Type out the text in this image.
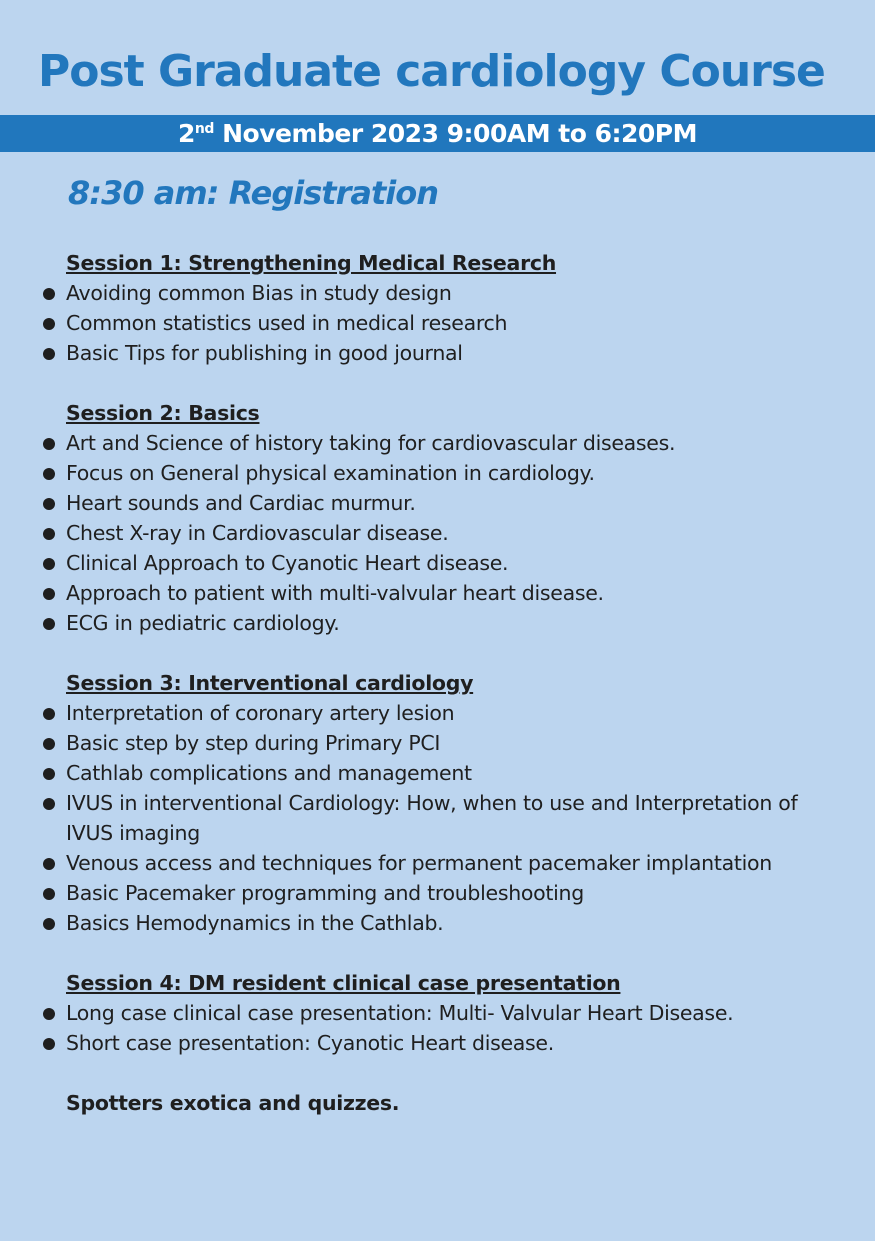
Post Graduate cardiology Course
2nd November 2023 9:00AM to 6:20PM
8:30 am: Registration
Session 1: Strengthening Medical Research
Avoiding common Bias in study design
Common statistics used in medical research
Basic Tips for publishing in good journal
Session 2: Basics
Art and Science of history taking for cardiovascular diseases.
Focus on General physical examination in cardiology.
Heart sounds and Cardiac murmur.
Chest X-ray in Cardiovascular disease.
Clinical Approach to Cyanotic Heart disease.
Approach to patient with multi-valvular heart disease.
ECG in pediatric cardiology.
Session 3: Interventional cardiology
Interpretation of coronary artery lesion
Basic step by step during Primary PCI
Cathlab complications and management
IVUS in interventional Cardiology: How, when to use and Interpretation of IVUS imaging
Venous access and techniques for permanent pacemaker implantation
Basic Pacemaker programming and troubleshooting
Basics Hemodynamics in the Cathlab.
Session 4: DM resident clinical case presentation
Long case clinical case presentation: Multi- Valvular Heart Disease.
Short case presentation: Cyanotic Heart disease.
Spotters exotica and quizzes.
